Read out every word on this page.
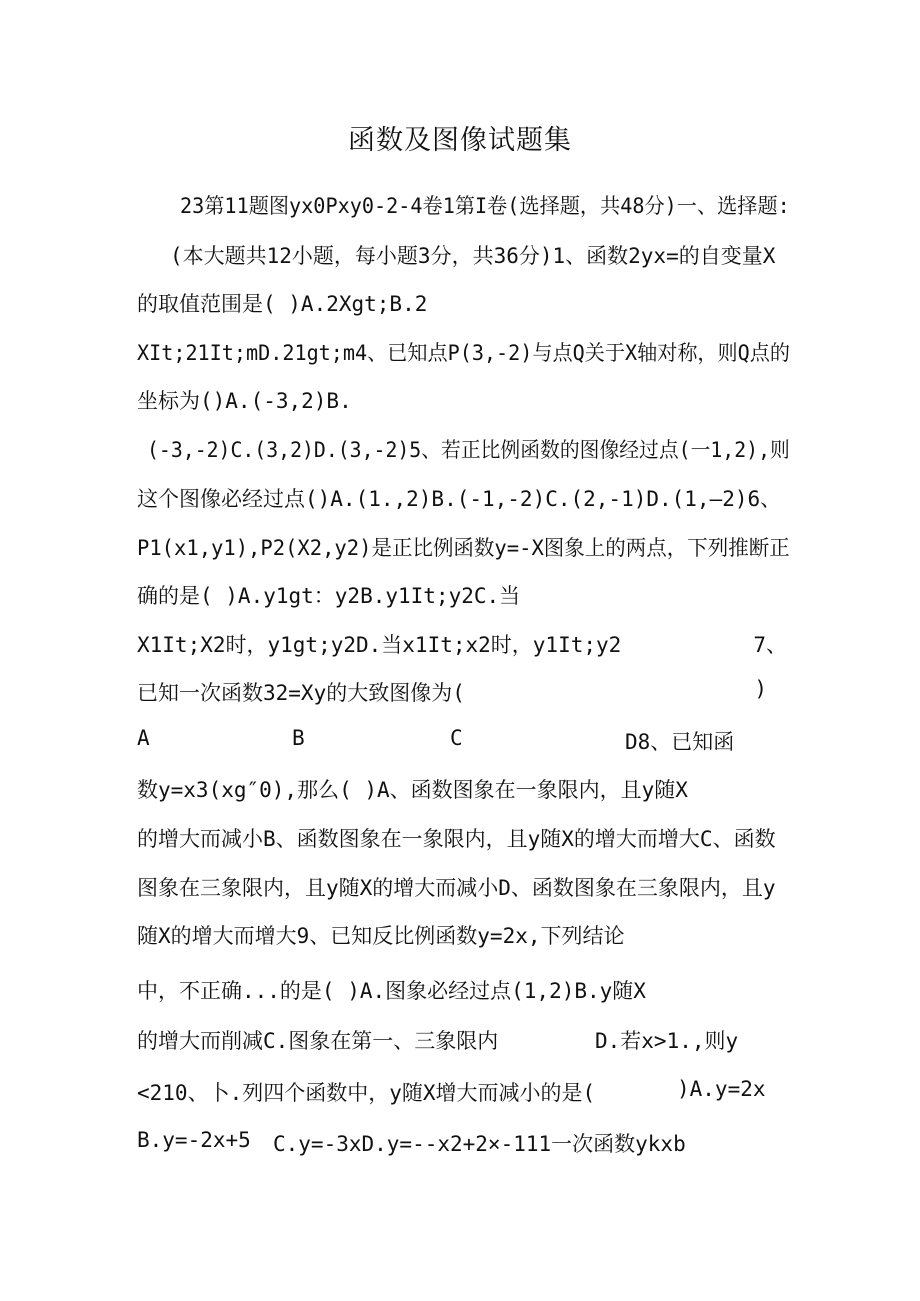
函数及图像试题集
23第11题图yx0Pxy0-2-4卷1第I卷(选择题，共48分)一、选择题:
(本大题共12小题，每小题3分，共36分)1、函数2yx=的自变量X
的取值范围是( )A.2Xgt;B.2
XIt;21It;mD.21gt;m4、已知点P(3,-2)与点Q关于X轴对称，则Q点的
坐标为()A.(-3,2)B.
(-3,-2)C.(3,2)D.(3,-2)5、若正比例函数的图像经过点(一1,2),则
这个图像必经过点()A.(1.,2)B.(-1,-2)C.(2,-1)D.(1,—2)6、
P1(x1,y1),P2(X2,y2)是正比例函数y=-X图象上的两点，下列推断正
确的是( )A.y1gt：y2B.y1It;y2C.当
X1It;X2时，y1gt;y2D.当x1It;x2时，y1It;y2	7、
已知一次函数32=Xy的大致图像为(	)
A	B	C	D8、已知函
数y=x3(xg″0),那么( )A、函数图象在一象限内，且y随X
的增大而减小B、函数图象在一象限内，且y随X的增大而增大C、函数
图象在三象限内，且y随X的增大而减小D、函数图象在三象限内，且y
随X的增大而增大9、已知反比例函数y=2x,下列结论
中，不正确...的是( )A.图象必经过点(1,2)B.y随X
的增大而削减C.图象在第一、三象限内	D.若x>1.,则y
<210、卜.列四个函数中，y随X增大而减小的是(	)A.y=2x
B.y=-2x+5 C.y=-3xD.y=--x2+2×-111一次函数ykxb
